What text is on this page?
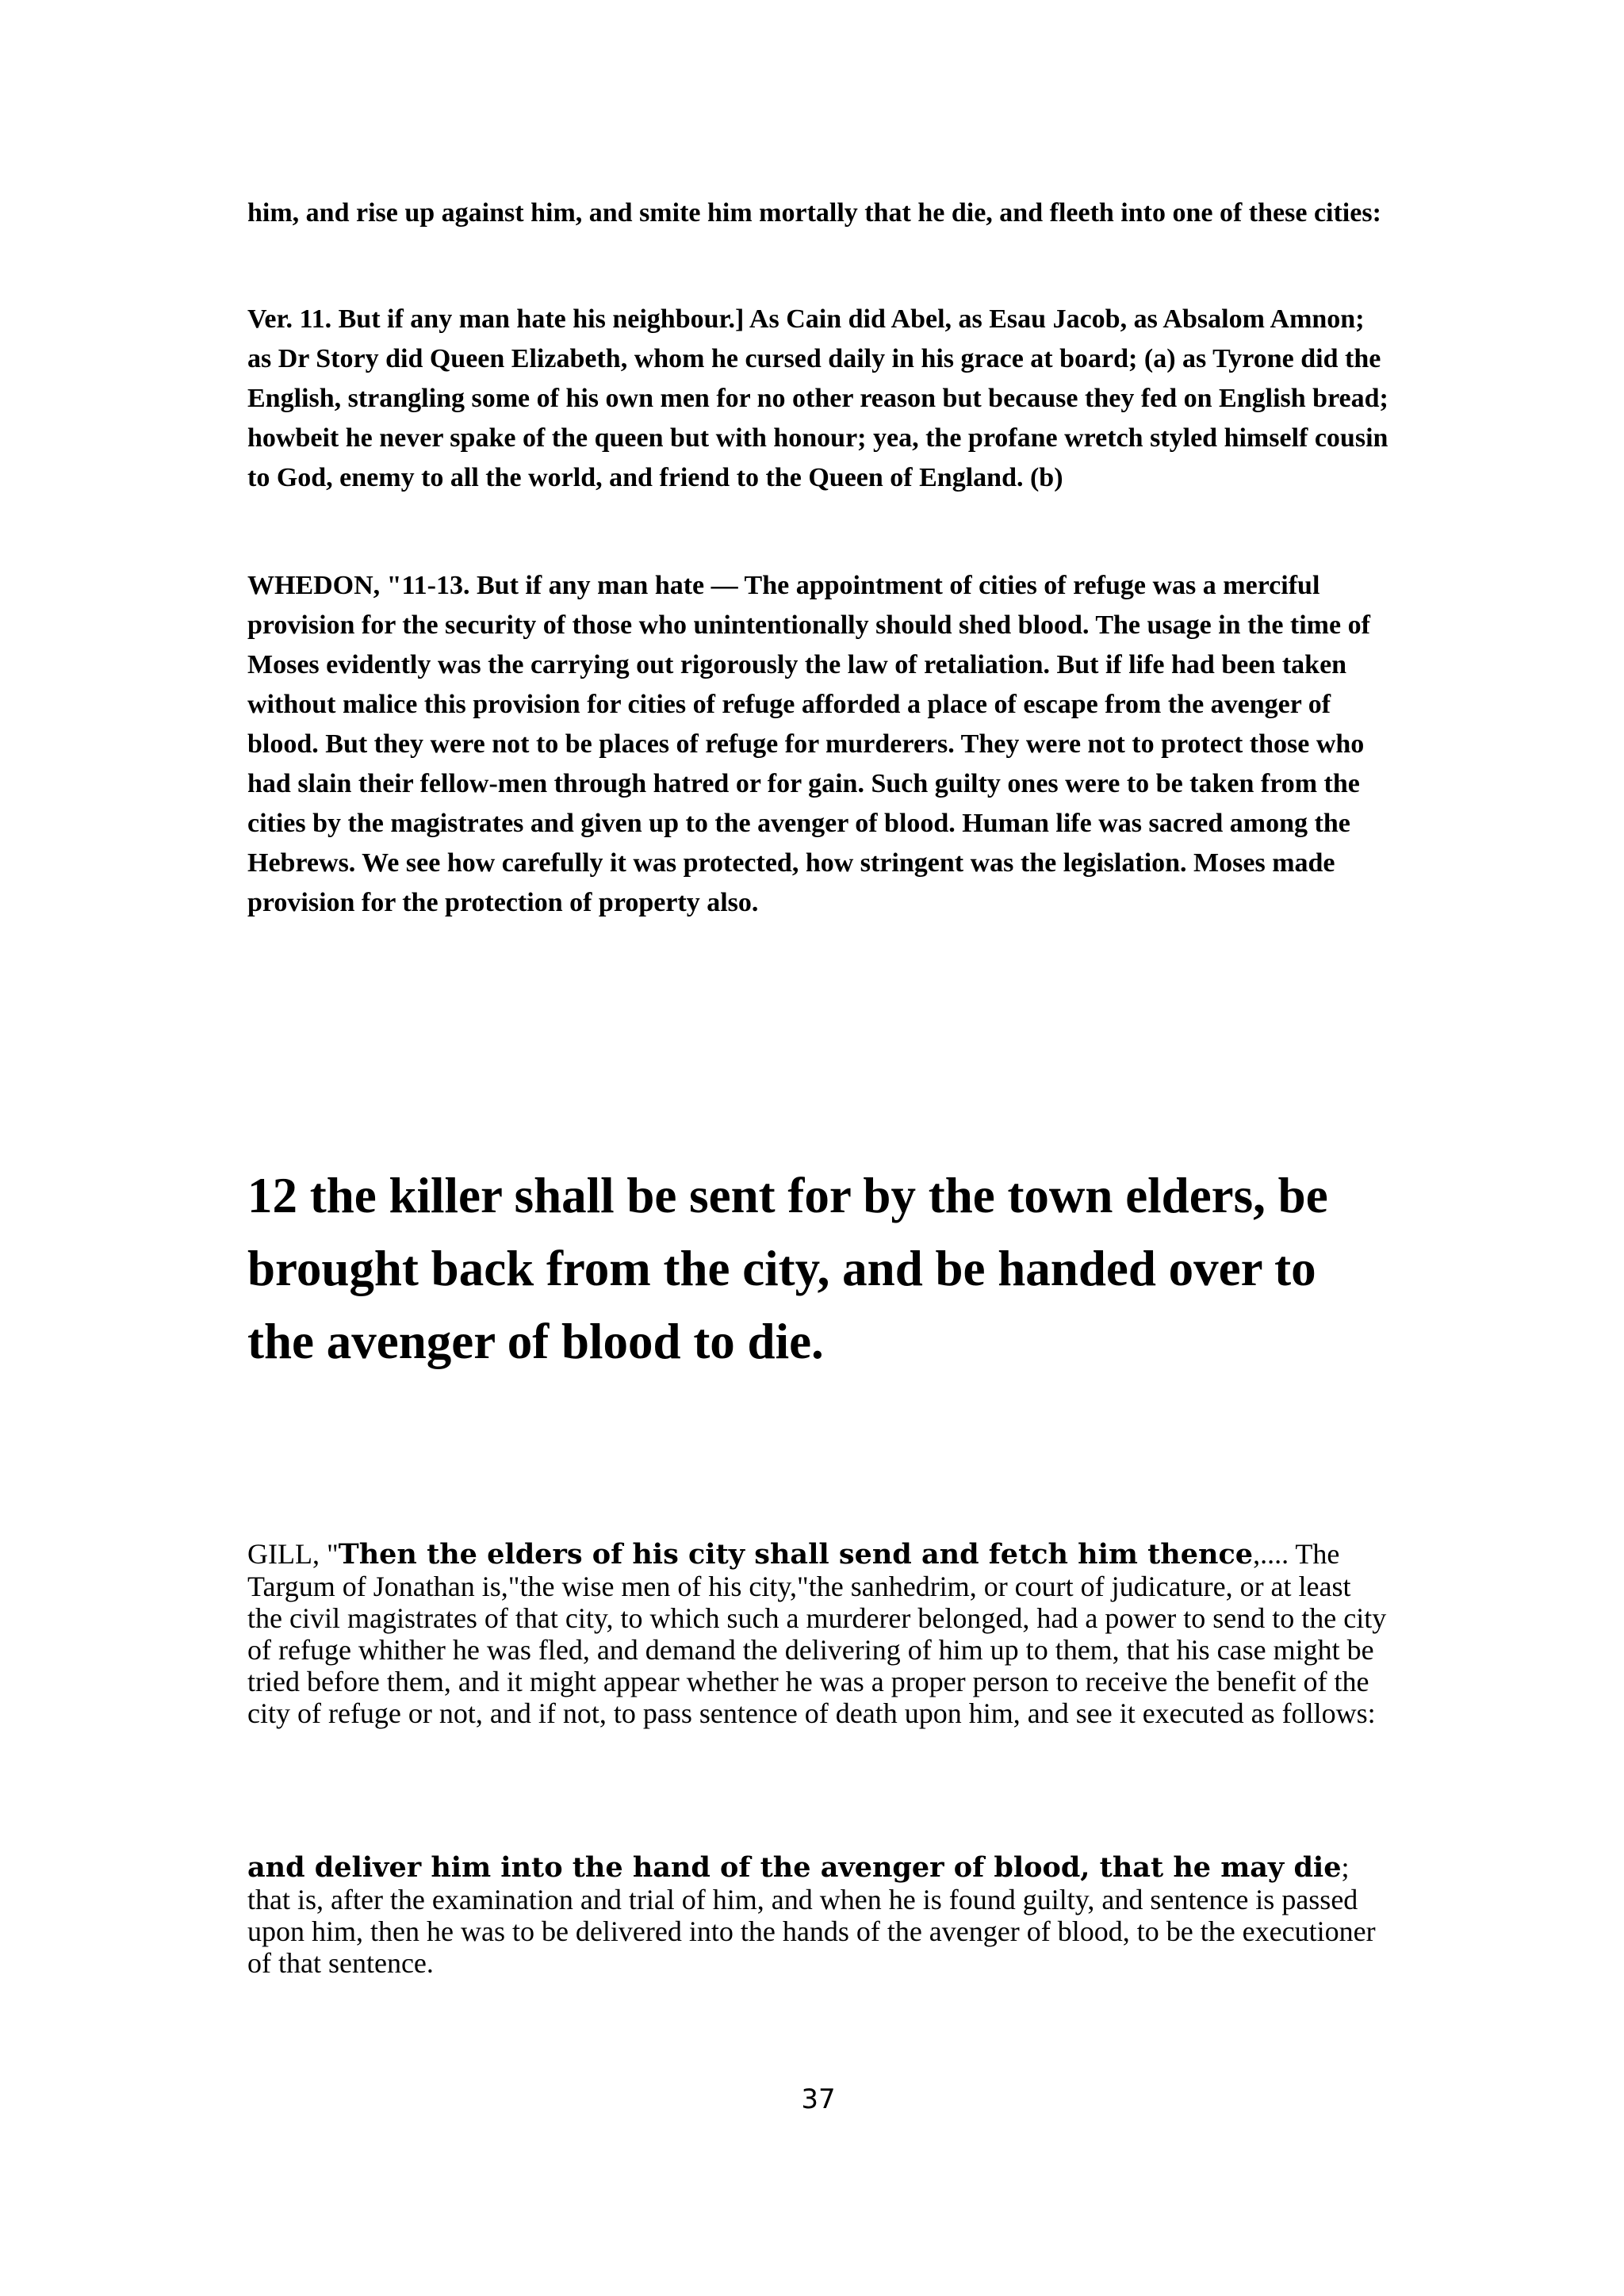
him, and rise up against him, and smite him mortally that he die, and fleeth into one of these cities:

Ver. 11. But if any man hate his neighbour.] As Cain did Abel, as Esau Jacob, as Absalom Amnon; as Dr Story did Queen Elizabeth, whom he cursed daily in his grace at board; (a) as Tyrone did the English, strangling some of his own men for no other reason but because they fed on English bread; howbeit he never spake of the queen but with honour; yea, the profane wretch styled himself cousin to God, enemy to all the world, and friend to the Queen of England. (b)

WHEDON, "11-13. But if any man hate — The appointment of cities of refuge was a merciful provision for the security of those who unintentionally should shed blood. The usage in the time of Moses evidently was the carrying out rigorously the law of retaliation. But if life had been taken without malice this provision for cities of refuge afforded a place of escape from the avenger of blood. But they were not to be places of refuge for murderers. They were not to protect those who had slain their fellow-men through hatred or for gain. Such guilty ones were to be taken from the cities by the magistrates and given up to the avenger of blood. Human life was sacred among the Hebrews. We see how carefully it was protected, how stringent was the legislation. Moses made provision for the protection of property also.

12 the killer shall be sent for by the town elders, be brought back from the city, and be handed over to the avenger of blood to die.

GILL, "Then the elders of his city shall send and fetch him thence,.... The Targum of Jonathan is,"the wise men of his city,"the sanhedrim, or court of judicature, or at least the civil magistrates of that city, to which such a murderer belonged, had a power to send to the city of refuge whither he was fled, and demand the delivering of him up to them, that his case might be tried before them, and it might appear whether he was a proper person to receive the benefit of the city of refuge or not, and if not, to pass sentence of death upon him, and see it executed as follows:

and deliver him into the hand of the avenger of blood, that he may die; that is, after the examination and trial of him, and when he is found guilty, and sentence is passed upon him, then he was to be delivered into the hands of the avenger of blood, to be the executioner of that sentence.

37
